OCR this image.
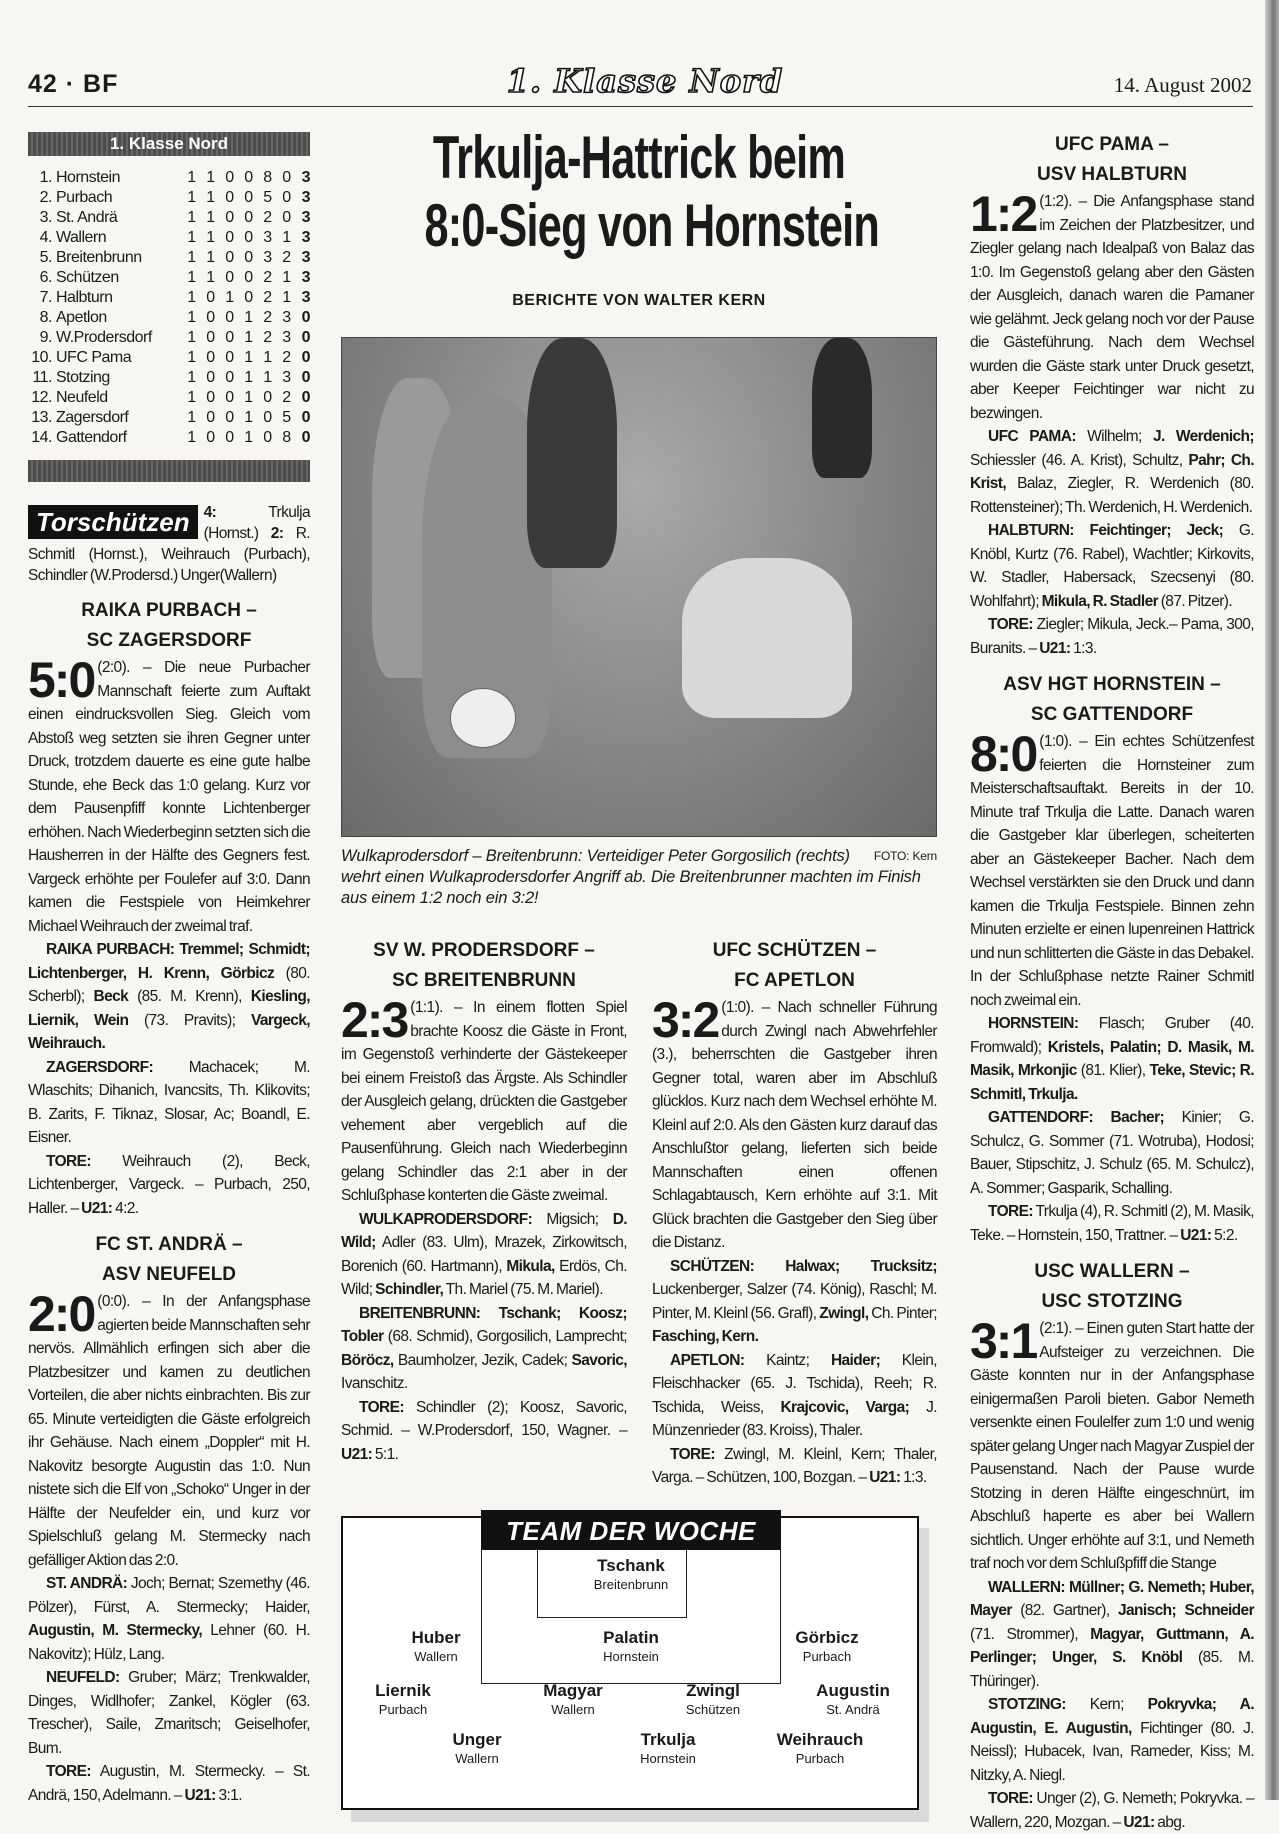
42 · BF	1. Klasse Nord	14. August 2002
1. Klasse Nord
1.	Hornstein	1	1	0	0	8	0	3
2.	Purbach	1	1	0	0	5	0	3
3.	St. Andrä	1	1	0	0	2	0	3
4.	Wallern	1	1	0	0	3	1	3
5.	Breitenbrunn	1	1	0	0	3	2	3
6.	Schützen	1	1	0	0	2	1	3
7.	Halbturn	1	0	1	0	2	1	3
8.	Apetlon	1	0	0	1	2	3	0
9.	W.Prodersdorf	1	0	0	1	2	3	0
10.	UFC Pama	1	0	0	1	1	2	0
11.	Stotzing	1	0	0	1	1	3	0
12.	Neufeld	1	0	0	1	0	2	0
13.	Zagersdorf	1	0	0	1	0	5	0
14.	Gattendorf	1	0	0	1	0	8	0
Torschützen 4: Trkulja (Hornst.) 2: R. Schmitl (Hornst.), Weihrauch (Purbach), Schindler (W.Prodersd.) Unger(Wallern)
RAIKA PURBACH –
SC ZAGERSDORF

5:0 (2:0). – Die neue Purbacher Mannschaft feierte zum Auftakt einen eindrucksvollen Sieg. Gleich vom Abstoß weg setzten sie ihren Gegner unter Druck, trotzdem dauerte es eine gute halbe Stunde, ehe Beck das 1:0 gelang. Kurz vor dem Pausenpfiff konnte Lichtenberger erhöhen. Nach Wiederbeginn setzten sich die Hausherren in der Hälfte des Gegners fest. Vargeck erhöhte per Foulefer auf 3:0. Dann kamen die Festspiele von Heimkehrer Michael Weihrauch der zweimal traf.

RAIKA PURBACH: Tremmel; Schmidt; Lichtenberger, H. Krenn, Görbicz (80. Scherbl); Beck (85. M. Krenn), Kiesling, Liernik, Wein (73. Pravits); Vargeck, Weihrauch.

ZAGERSDORF: Machacek; M. Wlaschits; Dihanich, Ivancsits, Th. Klikovits; B. Zarits, F. Tiknaz, Slosar, Ac; Boandl, E. Eisner.

TORE: Weihrauch (2), Beck, Lichtenberger, Vargeck. – Purbach, 250, Haller. – U21: 4:2.

FC ST. ANDRÄ –
ASV NEUFELD

2:0 (0:0). – In der Anfangsphase agierten beide Mannschaften sehr nervös. Allmählich erfingen sich aber die Platzbesitzer und kamen zu deutlichen Vorteilen, die aber nichts einbrachten. Bis zur 65. Minute verteidigten die Gäste erfolgreich ihr Gehäuse. Nach einem „Doppler“ mit H. Nakovitz besorgte Augustin das 1:0. Nun nistete sich die Elf von „Schoko“ Unger in der Hälfte der Neufelder ein, und kurz vor Spielschluß gelang M. Stermecky nach gefälliger Aktion das 2:0.

ST. ANDRÄ: Joch; Bernat; Szemethy (46. Pölzer), Fürst, A. Stermecky; Haider, Augustin, M. Stermecky, Lehner (60. H. Nakovitz); Hülz, Lang.

NEUFELD: Gruber; März; Trenkwalder, Dinges, Widlhofer; Zankel, Kögler (63. Trescher), Saile, Zmaritsch; Geiselhofer, Bum.

TORE: Augustin, M. Stermecky. – St. Andrä, 150, Adelmann. – U21: 3:1.

Trkulja-Hattrick beim
8:0-Sieg von Hornstein
BERICHTE VON WALTER KERN
FOTO: Kern
Wulkaprodersdorf – Breitenbrunn: Verteidiger Peter Gorgosilich (rechts) wehrt einen Wulkaprodersdorfer Angriff ab. Die Breitenbrunner machten im Finish aus einem 1:2 noch ein 3:2!
SV W. PRODERSDORF –
SC BREITENBRUNN

2:3 (1:1). – In einem flotten Spiel brachte Koosz die Gäste in Front, im Gegenstoß verhinderte der Gästekeeper bei einem Freistoß das Ärgste. Als Schindler der Ausgleich gelang, drückten die Gastgeber vehement aber vergeblich auf die Pausenführung. Gleich nach Wiederbeginn gelang Schindler das 2:1 aber in der Schlußphase konterten die Gäste zweimal.

WULKAPRODERSDORF: Migsich; D. Wild; Adler (83. Ulm), Mrazek, Zirkowitsch, Borenich (60. Hartmann), Mikula, Erdös, Ch. Wild; Schindler, Th. Mariel (75. M. Mariel).

BREITENBRUNN: Tschank; Koosz; Tobler (68. Schmid), Gorgosilich, Lamprecht; Böröcz, Baumholzer, Jezik, Cadek; Savoric, Ivanschitz.

TORE: Schindler (2); Koosz, Savoric, Schmid. – W.Prodersdorf, 150, Wagner. – U21: 5:1.

UFC SCHÜTZEN –
FC APETLON

3:2 (1:0). – Nach schneller Führung durch Zwingl nach Abwehrfehler (3.), beherrschten die Gastgeber ihren Gegner total, waren aber im Abschluß glücklos. Kurz nach dem Wechsel erhöhte M. Kleinl auf 2:0. Als den Gästen kurz darauf das Anschlußtor gelang, lieferten sich beide Mannschaften einen offenen Schlagabtausch, Kern erhöhte auf 3:1. Mit Glück brachten die Gastgeber den Sieg über die Distanz.

SCHÜTZEN: Halwax; Trucksitz; Luckenberger, Salzer (74. König), Raschl; M. Pinter, M. Kleinl (56. Grafl), Zwingl, Ch. Pinter; Fasching, Kern.

APETLON: Kaintz; Haider; Klein, Fleischhacker (65. J. Tschida), Reeh; R. Tschida, Weiss, Krajcovic, Varga; J. Münzenrieder (83. Kroiss), Thaler.

TORE: Zwingl, M. Kleinl, Kern; Thaler, Varga. – Schützen, 100, Bozgan. – U21: 1:3.

TEAM DER WOCHE
Tschank
Breitenbrunn
Huber
Wallern
Palatin
Hornstein
Görbicz
Purbach
Liernik
Purbach
Magyar
Wallern
Zwingl
Schützen
Augustin
St. Andrä
Unger
Wallern
Trkulja
Hornstein
Weihrauch
Purbach
UFC PAMA –
USV HALBTURN

1:2 (1:2). – Die Anfangsphase stand im Zeichen der Platzbesitzer, und Ziegler gelang nach Idealpaß von Balaz das 1:0. Im Gegenstoß gelang aber den Gästen der Ausgleich, danach waren die Pamaner wie gelähmt. Jeck gelang noch vor der Pause die Gästeführung. Nach dem Wechsel wurden die Gäste stark unter Druck gesetzt, aber Keeper Feichtinger war nicht zu bezwingen.

UFC PAMA: Wilhelm; J. Werdenich; Schiessler (46. A. Krist), Schultz, Pahr; Ch. Krist, Balaz, Ziegler, R. Werdenich (80. Rottensteiner); Th. Werdenich, H. Werdenich.

HALBTURN: Feichtinger; Jeck; G. Knöbl, Kurtz (76. Rabel), Wachtler; Kirkovits, W. Stadler, Habersack, Szecsenyi (80. Wohlfahrt); Mikula, R. Stadler (87. Pitzer).

TORE: Ziegler; Mikula, Jeck.– Pama, 300, Buranits. – U21: 1:3.

ASV HGT HORNSTEIN –
SC GATTENDORF

8:0 (1:0). – Ein echtes Schützenfest feierten die Hornsteiner zum Meisterschaftsauftakt. Bereits in der 10. Minute traf Trkulja die Latte. Danach waren die Gastgeber klar überlegen, scheiterten aber an Gästekeeper Bacher. Nach dem Wechsel verstärkten sie den Druck und dann kamen die Trkulja Festspiele. Binnen zehn Minuten erzielte er einen lupenreinen Hattrick und nun schlitterten die Gäste in das Debakel. In der Schlußphase netzte Rainer Schmitl noch zweimal ein.

HORNSTEIN: Flasch; Gruber (40. Fromwald); Kristels, Palatin; D. Masik, M. Masik, Mrkonjic (81. Klier), Teke, Stevic; R. Schmitl, Trkulja.

GATTENDORF: Bacher; Kinier; G. Schulcz, G. Sommer (71. Wotruba), Hodosi; Bauer, Stipschitz, J. Schulz (65. M. Schulcz), A. Sommer; Gasparik, Schalling.

TORE: Trkulja (4), R. Schmitl (2), M. Masik, Teke. – Hornstein, 150, Trattner. – U21: 5:2.

USC WALLERN –
USC STOTZING

3:1 (2:1). – Einen guten Start hatte der Aufsteiger zu verzeichnen. Die Gäste konnten nur in der Anfangsphase einigermaßen Paroli bieten. Gabor Nemeth versenkte einen Foulelfer zum 1:0 und wenig später gelang Unger nach Magyar Zuspiel der Pausenstand. Nach der Pause wurde Stotzing in deren Hälfte eingeschnürt, im Abschluß haperte es aber bei Wallern sichtlich. Unger erhöhte auf 3:1, und Nemeth traf noch vor dem Schlußpfiff die Stange

WALLERN: Müllner; G. Nemeth; Huber, Mayer (82. Gartner), Janisch; Schneider (71. Strommer), Magyar, Guttmann, A. Perlinger; Unger, S. Knöbl (85. M. Thüringer).

STOTZING: Kern; Pokryvka; A. Augustin, E. Augustin, Fichtinger (80. J. Neissl); Hubacek, Ivan, Rameder, Kiss; M. Nitzky, A. Niegl.

TORE: Unger (2), G. Nemeth; Pokryvka. – Wallern, 220, Mozgan. – U21: abg.
